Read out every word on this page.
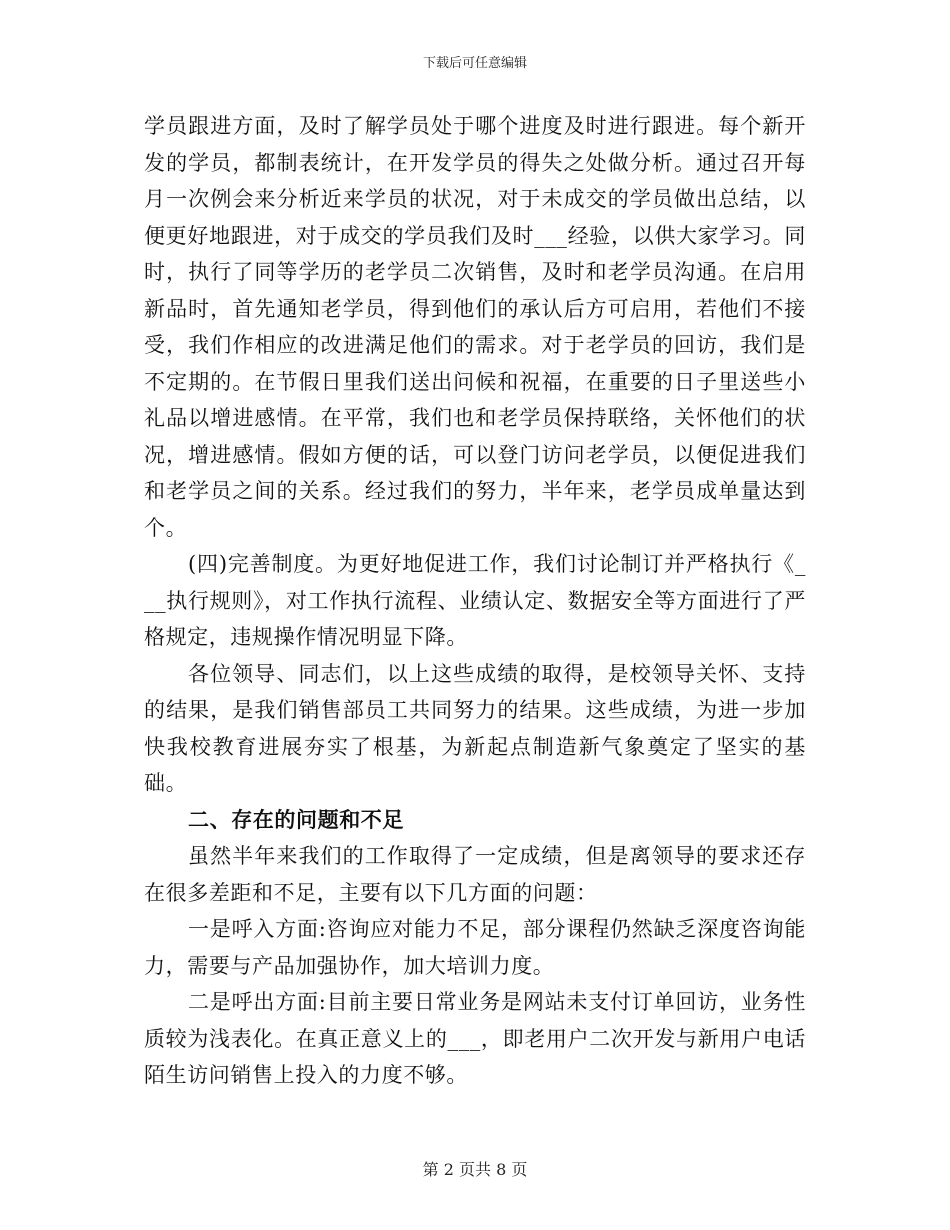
下载后可任意编辑

学员跟进方面，及时了解学员处于哪个进度及时进行跟进。每个新开发的学员，都制表统计，在开发学员的得失之处做分析。通过召开每月一次例会来分析近来学员的状况，对于未成交的学员做出总结，以便更好地跟进，对于成交的学员我们及时___经验，以供大家学习。同时，执行了同等学历的老学员二次销售，及时和老学员沟通。在启用新品时，首先通知老学员，得到他们的承认后方可启用，若他们不接受，我们作相应的改进满足他们的需求。对于老学员的回访，我们是不定期的。在节假日里我们送出问候和祝福，在重要的日子里送些小礼品以增进感情。在平常，我们也和老学员保持联络，关怀他们的状况，增进感情。假如方便的话，可以登门访问老学员，以便促进我们和老学员之间的关系。经过我们的努力，半年来，老学员成单量达到个。

(四)完善制度。为更好地促进工作，我们讨论制订并严格执行《___执行规则》，对工作执行流程、业绩认定、数据安全等方面进行了严格规定，违规操作情况明显下降。

各位领导、同志们，以上这些成绩的取得，是校领导关怀、支持的结果，是我们销售部员工共同努力的结果。这些成绩，为进一步加快我校教育进展夯实了根基，为新起点制造新气象奠定了坚实的基础。

二、存在的问题和不足

虽然半年来我们的工作取得了一定成绩，但是离领导的要求还存在很多差距和不足，主要有以下几方面的问题：

一是呼入方面:咨询应对能力不足，部分课程仍然缺乏深度咨询能力，需要与产品加强协作，加大培训力度。

二是呼出方面:目前主要日常业务是网站未支付订单回访，业务性质较为浅表化。在真正意义上的___，即老用户二次开发与新用户电话陌生访问销售上投入的力度不够。

第 2 页共 8 页
